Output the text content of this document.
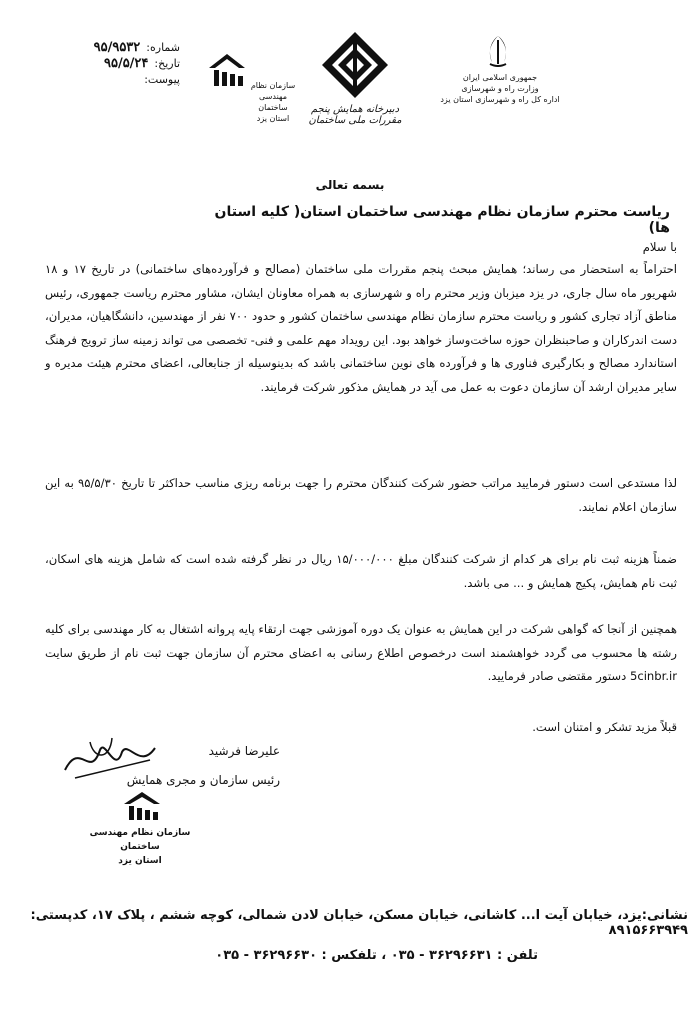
شماره:
۹۵/۹۵۳۲
تاریخ:
۹۵/۵/۲۴
پیوست:	سازمان نظام مهندسی ساختمان
استان یزد
دبیرخانه همایش پنجم
مقررات ملی ساختمان
جمهوری اسلامی ایران
وزارت راه و شهرسازی
اداره کل راه و شهرسازی استان یزد
بسمه تعالی
ریاست محترم سازمان نظام مهندسی ساختمان استان( کلیه استان ها)
با سلام
احتراماً به استحضار می رساند؛ همایش مبحث پنجم مقررات ملی ساختمان (مصالح و فرآورده‌های ساختمانی) در تاریخ ۱۷ و ۱۸ شهریور ماه سال جاری، در یزد میزبان وزیر محترم راه و شهرسازی به همراه معاونان ایشان، مشاور محترم ریاست جمهوری، رئیس مناطق آزاد تجاری کشور و ریاست محترم سازمان نظام مهندسی ساختمان کشور و حدود ۷۰۰ نفر از مهندسین، دانشگاهیان، مدیران، دست اندرکاران و صاحبنظران حوزه ساخت‌وساز خواهد بود. این رویداد مهم علمی و فنی- تخصصی می تواند زمینه ساز ترویج فرهنگ استاندارد مصالح و بکارگیری فناوری ها و فرآورده های نوین ساختمانی باشد که بدینوسیله از جنابعالی، اعضای محترم هیئت مدیره و سایر مدیران ارشد آن سازمان دعوت به عمل می آید در همایش مذکور شرکت فرمایند.
لذا مستدعی است دستور فرمایید مراتب حضور شرکت کنندگان محترم را جهت برنامه ریزی مناسب حداکثر تا تاریخ ۹۵/۵/۳۰ به این سازمان اعلام نمایند.
ضمناً هزینه ثبت نام برای هر کدام از شرکت کنندگان مبلغ ۱۵/۰۰۰/۰۰۰ ریال در نظر گرفته شده است که شامل هزینه های اسکان، ثبت نام همایش، پکیج همایش و ... می باشد.
همچنین از آنجا که گواهی شرکت در این همایش به عنوان یک دوره آموزشی جهت ارتقاء پایه پروانه اشتغال به کار مهندسی برای کلیه رشته ها محسوب می گردد خواهشمند است درخصوص اطلاع رسانی به اعضای محترم آن سازمان جهت ثبت نام از طریق سایت 5cinbr.ir دستور مقتضی صادر فرمایید.
قبلاً مزید تشکر و امتنان است.
علیرضا فرشید
رئیس سازمان و مجری همایش
سازمان نظام مهندسی ساختمان
استان یزد
نشانی:یزد، خیابان آیت ا... کاشانی، خیابان مسکن، خیابان لادن شمالی، کوچه ششم ، پلاک ۱۷، کدپستی: ۸۹۱۵۶۶۳۹۴۹
تلفن : ۳۶۲۹۶۶۳۱ - ۰۳۵ ، تلفکس : ۳۶۲۹۶۶۳۰ - ۰۳۵
